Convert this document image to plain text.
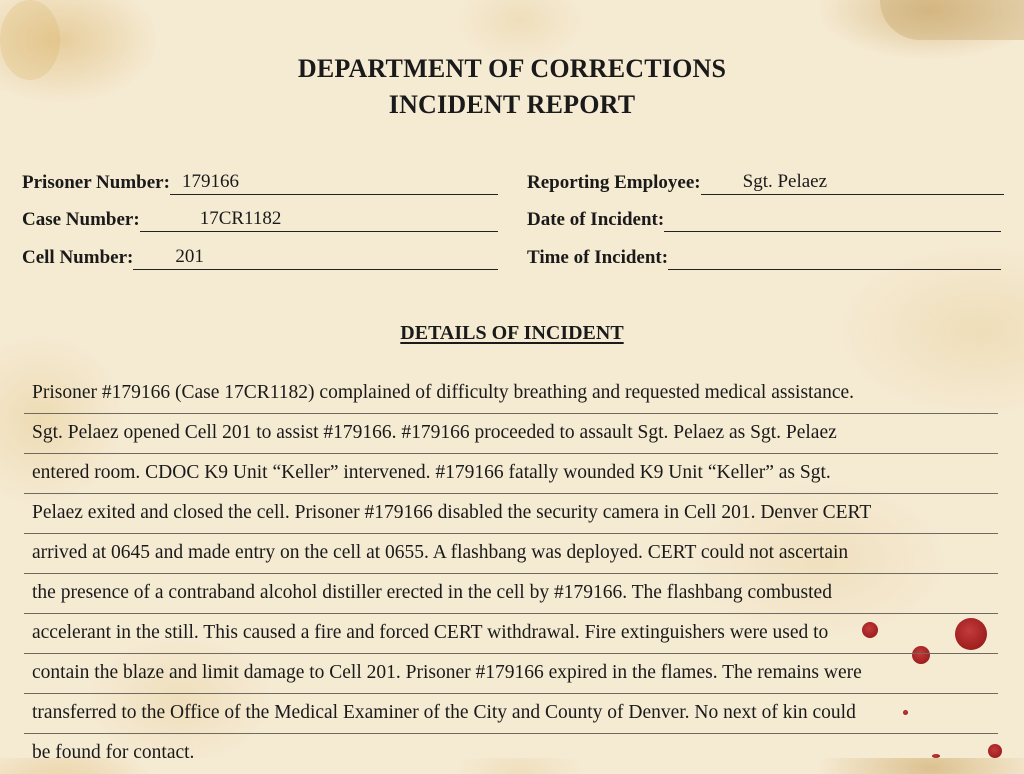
DEPARTMENT OF CORRECTIONS
INCIDENT REPORT
Prisoner Number: 179166
Case Number:	17CR1182
Cell Number: 201
Reporting Employee: Sgt. Pelaez
Date of Incident:
Time of Incident:
DETAILS OF INCIDENT
Prisoner #179166 (Case 17CR1182) complained of difficulty breathing and requested medical assistance.
Sgt. Pelaez opened Cell 201 to assist #179166. #179166 proceeded to assault Sgt. Pelaez as Sgt. Pelaez
entered room. CDOC K9 Unit “Keller” intervened. #179166 fatally wounded K9 Unit “Keller” as Sgt.
Pelaez exited and closed the cell. Prisoner #179166 disabled the security camera in Cell 201. Denver CERT
arrived at 0645 and made entry on the cell at 0655. A flashbang was deployed. CERT could not ascertain
the presence of a contraband alcohol distiller erected in the cell by #179166. The flashbang combusted
accelerant in the still. This caused a fire and forced CERT withdrawal. Fire extinguishers were used to
contain the blaze and limit damage to Cell 201. Prisoner #179166 expired in the flames. The remains were
transferred to the Office of the Medical Examiner of the City and County of Denver. No next of kin could
be found for contact.
